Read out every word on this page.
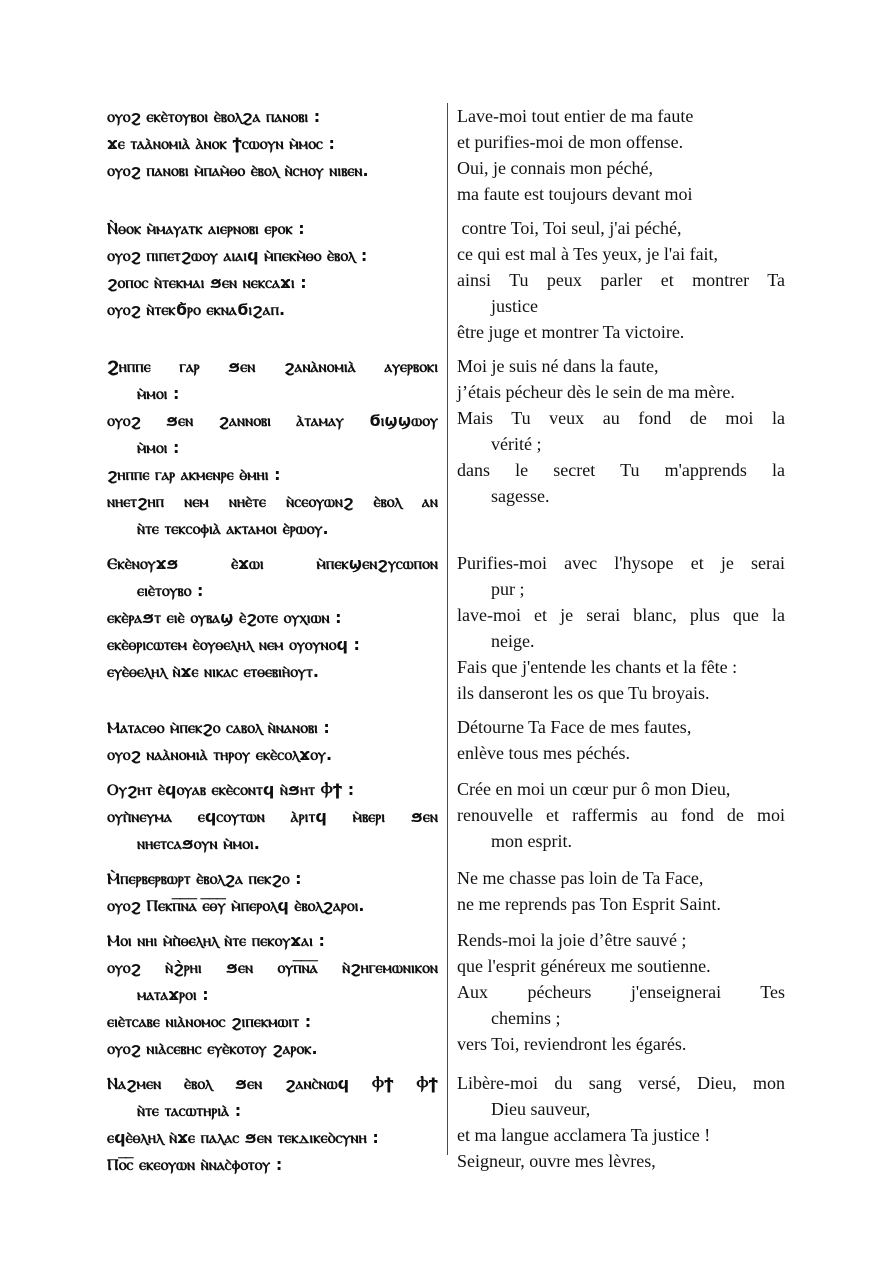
ⲟⲩⲟϩ ⲉⲕⲉ̀ⲧⲟⲩⲃⲟⲓ ⲉ̀ⲃⲟⲗϩⲁ ⲡⲁⲛⲟⲃⲓ :
ϫⲉ ⲧⲁⲁ̀ⲛⲟⲙⲓⲁ̀ ⲁ̀ⲛⲟⲕ ϯⲥⲱⲟⲩⲛ ⲙ̀ⲙⲟⲥ :
ⲟⲩⲟϩ ⲡⲁⲛⲟⲃⲓ ⲙ̀ⲡⲁⲙ̀ⲑⲟ ⲉ̀ⲃⲟⲗ ⲛ̀ⲥⲏⲟⲩ ⲛⲓⲃⲉⲛ.
Lave-moi tout entier de ma faute
et purifies-moi de mon offense.
Oui, je connais mon péché,
ma faute est toujours devant moi
Ⲛ̀ⲑⲟⲕ ⲙ̀ⲙⲁⲩⲁⲧⲕ ⲁⲓⲉⲣⲛⲟⲃⲓ ⲉⲣⲟⲕ :
ⲟⲩⲟϩ ⲡⲓⲡⲉⲧϩⲱⲟⲩ ⲁⲓⲁⲓϥ ⲙ̀ⲡⲉⲕⲙ̀ⲑⲟ ⲉ̀ⲃⲟⲗ :
ϩⲟⲡⲟⲥ ⲛ̀ⲧⲉⲕⲙⲁⲓ ϧⲉⲛ ⲛⲉⲕⲥⲁϫⲓ :
ⲟⲩⲟϩ ⲛ̀ⲧⲉⲕϭ̀ⲣⲟ ⲉⲕⲛⲁϭⲓϩⲁⲡ.
contre Toi, Toi seul, j'ai péché,
ce qui est mal à Tes yeux, je l'ai fait,
ainsi Tu peux parler et montrer Ta
justice
être juge et montrer Ta victoire.
Ϩⲏⲡⲡⲉ ⲅⲁⲣ ϧⲉⲛ ϩⲁⲛⲁ̀ⲛⲟⲙⲓⲁ̀ ⲁⲩⲉⲣⲃⲟⲕⲓ
ⲙ̀ⲙⲟⲓ :
ⲟⲩⲟϩ ϧⲉⲛ ϩⲁⲛⲛⲟⲃⲓ ⲁ̀ⲧⲁⲙⲁⲩ ϭⲓϣϣⲱⲟⲩ
ⲙ̀ⲙⲟⲓ :
ϩⲏⲡⲡⲉ ⲅⲁⲣ ⲁⲕⲙⲉⲛⲣⲉ ⲑ̀ⲙⲏⲓ :
ⲛⲏⲉⲧϩⲏⲡ ⲛⲉⲙ ⲛⲏⲉ̀ⲧⲉ ⲛ̀ⲥⲉⲟⲩⲱⲛϩ ⲉ̀ⲃⲟⲗ ⲁⲛ
ⲛ̀ⲧⲉ ⲧⲉⲕⲥⲟⲫⲓⲁ̀ ⲁⲕⲧⲁⲙⲟⲓ ⲉ̀ⲣⲱⲟⲩ.
Moi je suis né dans la faute,
j’étais pécheur dès le sein de ma mère.
Mais Tu veux au fond de moi la
vérité ;
dans le secret Tu m'apprends la
sagesse.
Ⲉⲕⲉ̀ⲛⲟⲩϫϧ ⲉ̀ϫⲱⲓ ⲙ̀ⲡⲉⲕϣⲉⲛϩⲩⲥⲱⲡⲟⲛ
ⲉⲓⲉ̀ⲧⲟⲩⲃⲟ :
ⲉⲕⲉ̀ⲣⲁϧⲧ ⲉⲓⲉ̀ ⲟⲩⲃⲁϣ ⲉ̀ϩⲟⲧⲉ ⲟⲩⲭⲓⲱⲛ :
ⲉⲕⲉ̀ⲑⲣⲓⲥⲱⲧⲉⲙ ⲉ̀ⲟⲩⲑⲉⲗⲏⲗ ⲛⲉⲙ ⲟⲩⲟⲩⲛⲟϥ :
ⲉⲩⲉ̀ⲑⲉⲗⲏⲗ ⲛ̀ϫⲉ ⲛⲓⲕⲁⲥ ⲉⲧⲑⲉⲃⲓⲏ̀ⲟⲩⲧ.
Purifies-moi avec l'hysope et je serai
pur ;
lave-moi et je serai blanc, plus que la
neige.
Fais que j'entende les chants et la fête :
ils danseront les os que Tu broyais.
Ⲙⲁⲧⲁⲥⲑⲟ ⲙ̀ⲡⲉⲕϩⲟ ⲥⲁⲃⲟⲗ ⲛ̀ⲛⲁⲛⲟⲃⲓ :
ⲟⲩⲟϩ ⲛⲁⲁ̀ⲛⲟⲙⲓⲁ̀ ⲧⲏⲣⲟⲩ ⲉⲕⲉ̀ⲥⲟⲗϫⲟⲩ.
Détourne Ta Face de mes fautes,
enlève tous mes péchés.
Ⲟⲩϩⲏⲧ ⲉ̀ϥⲟⲩⲁⲃ ⲉⲕⲉ̀ⲥⲟⲛⲧϥ ⲛ̀ϧⲏⲧ Ⲫϯ :
ⲟⲩⲡ̀ⲛⲉⲩⲙⲁ ⲉϥⲥⲟⲩⲧⲱⲛ ⲁ̀ⲣⲓⲧϥ ⲙ̀ⲃⲉⲣⲓ ϧⲉⲛ
ⲛⲏⲉⲧⲥⲁϧⲟⲩⲛ ⲙ̀ⲙⲟⲓ.
Crée en moi un cœur pur ô mon Dieu,
renouvelle et raffermis au fond de moi
mon esprit.
Ⲙ̀ⲡⲉⲣⲃⲉⲣⲃⲱⲣⲧ ⲉ̀ⲃⲟⲗϩⲁ ⲡⲉⲕϩⲟ :
ⲟⲩⲟϩ Ⲡⲉⲕⲡ̅ⲛ̅ⲁ̅ ⲉ̅ⲑ̅ⲩ̅ ⲙ̀ⲡⲉⲣⲟⲗϥ ⲉ̀ⲃⲟⲗϩⲁⲣⲟⲓ.
Ne me chasse pas loin de Ta Face,
ne me reprends pas Ton Esprit Saint.
Ⲙⲟⲓ ⲛⲏⲓ ⲙ̀ⲡ̀ⲑⲉⲗⲏⲗ ⲛ̀ⲧⲉ ⲡⲉⲕⲟⲩϫⲁⲓ :
ⲟⲩⲟϩ ⲛ̀ϩ̀ⲣⲏⲓ ϧⲉⲛ ⲟⲩⲡ̅ⲛ̅ⲁ̅ ⲛ̀ϩⲏⲅⲉⲙⲱⲛⲓⲕⲟⲛ
ⲙⲁⲧⲁϫⲣⲟⲓ :
ⲉⲓⲉ̀ⲧⲥⲁⲃⲉ ⲛⲓⲁ̀ⲛⲟⲙⲟⲥ ϩⲓⲡⲉⲕⲙⲱⲓⲧ :
ⲟⲩⲟϩ ⲛⲓⲁ̀ⲥⲉⲃⲏⲥ ⲉⲩⲉ̀ⲕⲟⲧⲟⲩ ϩⲁⲣⲟⲕ.
Rends-moi la joie d’être sauvé ;
que l'esprit généreux me soutienne.
Aux pécheurs j'enseignerai Tes
chemins ;
vers Toi, reviendront les égarés.
Ⲛⲁϩⲙⲉⲛ ⲉ̀ⲃⲟⲗ ϧⲉⲛ ϩⲁⲛⲥ̀ⲛⲱϥ Ⲫϯ Ⲫϯ
ⲛ̀ⲧⲉ ⲧⲁⲥⲱⲧⲏⲣⲓⲁ̀ :
ⲉϥⲉ̀ⲑⲗⲏⲗ ⲛ̀ϫⲉ ⲡⲁⲗⲁⲥ ϧⲉⲛ ⲧⲉⲕⲇⲓⲕⲉⲟ̀ⲥⲩⲛⲏ :
Ⲡⲟ̅ⲥ̅ ⲉⲕⲉⲟⲩⲱⲛ ⲛ̀ⲛⲁⲥ̀ⲫⲟⲧⲟⲩ :
Libère-moi du sang versé, Dieu, mon
Dieu sauveur,
et ma langue acclamera Ta justice !
Seigneur, ouvre mes lèvres,
